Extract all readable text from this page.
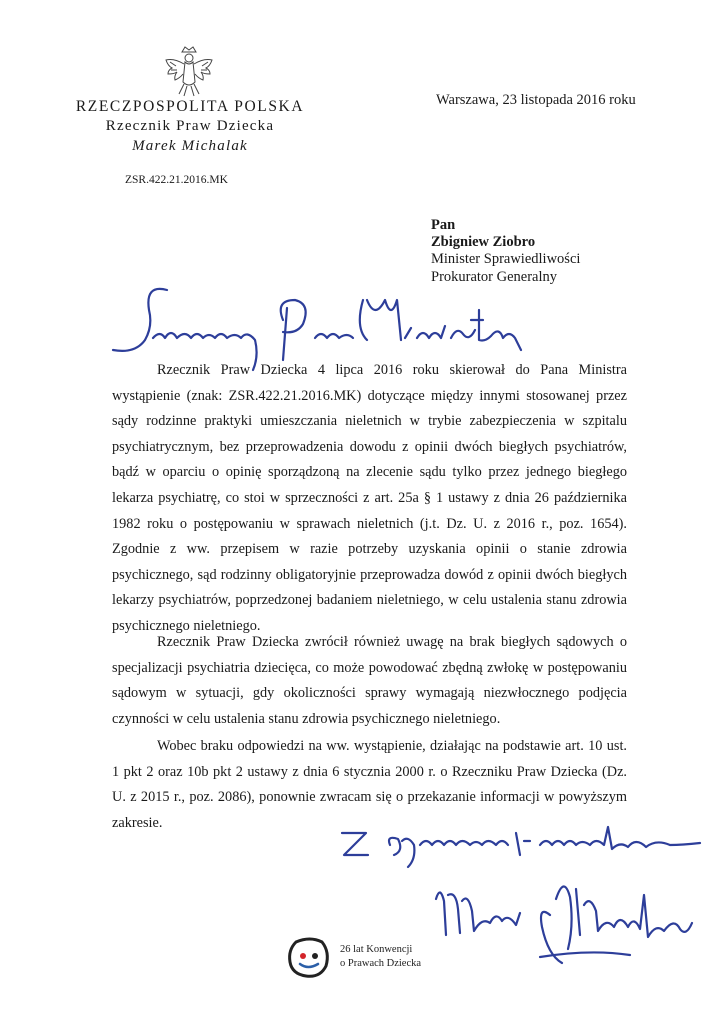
RZECZPOSPOLITA POLSKA
Rzecznik Praw Dziecka
Marek Michalak
ZSR.422.21.2016.MK
Warszawa, 23 listopada 2016 roku
Pan
Zbigniew Ziobro
Minister Sprawiedliwości
Prokurator Generalny

Rzecznik Praw Dziecka 4 lipca 2016 roku skierował do Pana Ministra wystąpienie (znak: ZSR.422.21.2016.MK) dotyczące między innymi stosowanej przez sądy rodzinne praktyki umieszczania nieletnich w trybie zabezpieczenia w szpitalu psychiatrycznym, bez przeprowadzenia dowodu z opinii dwóch biegłych psychiatrów, bądź w oparciu o opinię sporządzoną na zlecenie sądu tylko przez jednego biegłego lekarza psychiatrę, co stoi w sprzeczności z art. 25a § 1 ustawy z dnia 26 października 1982 roku o postępowaniu w sprawach nieletnich (j.t. Dz. U. z 2016 r., poz. 1654). Zgodnie z ww. przepisem w razie potrzeby uzyskania opinii o stanie zdrowia psychicznego, sąd rodzinny obligatoryjnie przeprowadza dowód z opinii dwóch biegłych lekarzy psychiatrów, poprzedzonej badaniem nieletniego, w celu ustalenia stanu zdrowia psychicznego nieletniego.

Rzecznik Praw Dziecka zwrócił również uwagę na brak biegłych sądowych o specjalizacji psychiatria dziecięca, co może powodować zbędną zwłokę w postępowaniu sądowym w sytuacji, gdy okoliczności sprawy wymagają niezwłocznego podjęcia czynności w celu ustalenia stanu zdrowia psychicznego nieletniego.

Wobec braku odpowiedzi na ww. wystąpienie, działając na podstawie art. 10 ust. 1 pkt 2 oraz 10b pkt 2 ustawy z dnia 6 stycznia 2000 r. o Rzeczniku Praw Dziecka (Dz. U. z 2015 r., poz. 2086), ponownie zwracam się o przekazanie informacji w powyższym zakresie.

26 lat Konwencji
o Prawach Dziecka
